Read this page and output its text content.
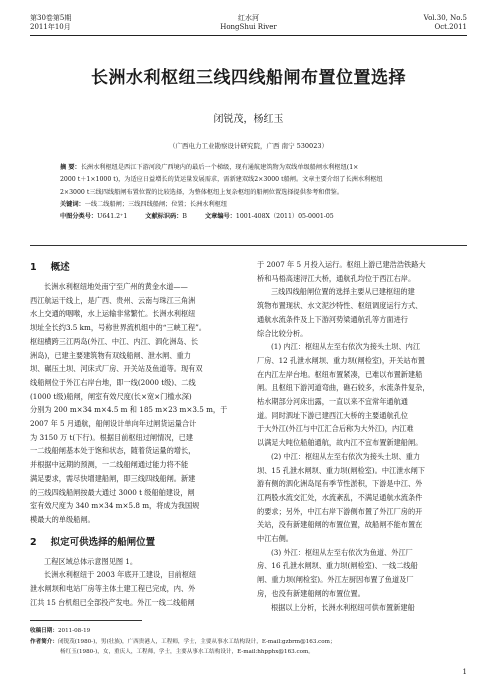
第30卷第5期
2011年10月
红水河
HongShui River
Vol.30, No.5
Oct.2011
长洲水利枢纽三线四线船闸布置位置选择
闭锐茂，杨红玉
（广西电力工业勘察设计研究院，广西 南宁 530023）
摘 要：长洲水利枢纽是西江下游河段广西境内的最后一个梯级，现有通航建筑物为双线单级船闸水利枢纽(1×
2000 t＋1×1000 t)，为适应日益增长的货运量发展需求，需新建双线2×3000 t船闸。文章主要介绍了长洲水利枢纽
2×3000 t三线四线船闸布置位置的比较选择，为整体枢纽上复杂枢纽的船闸位置选择提供参考和借鉴。
关键词：一线二线船闸；三线四线船闸；位置；长洲水利枢纽
中图分类号：U641.2⁺1	文献标识码：B	文章编号：1001-408X（2011）05-0001-05
1 概述
长洲水利枢纽地处南宁至广州的黄金水道——
西江航运干线上，是广西、贵州、云南与珠江三角洲
水上交通的咽喉，水上运输非常繁忙。长洲水利枢纽
坝址全长约3.5 km，号称世界流机组中的“三峡工程”。
枢纽横跨三江两岛(外江、中江、内江、泗化洲岛、长
洲岛)，已建主要建筑物有双线船闸、泄水闸、重力
坝、碾压土坝、河床式厂房、开关站及鱼道等。现有双
线船闸位于外江右岸台地，即一线(2000 t级)、二线
(1000 t级)船闸，闸室有效尺度(长×宽×门槛水深)
分别为 200 m×34 m×4.5 m 和 185 m×23 m×3.5 m，于
2007 年 5 月通航，船闸设计单向年过闸货运量合计
为 3150 万 t(下行)。根据目前枢纽过闸情况，已建
一二线船闸基本处于饱和状态，随着货运量的增长，
并根据中远期的预测，一二线船闸通过能力将不能
满足要求，需尽快增建船闸，即三线四线船闸。新建
的三线四线船闸按最大通过 3000 t 级船舶建设，闸
室有效尺度为 340 m×34 m×5.8 m，将成为我国规
模最大的单级船闸。
2 拟定可供选择的船闸位置
工程区域总体示意图见图 1。
长洲水利枢纽于 2003 年底开工建设，目前枢纽
泄水闸坝和电站厂房等主体土建工程已完成，内、外
江共 15 台机组已全部投产发电。外江一线二线船闸
于 2007 年 5 月投入运行。枢纽上游已建浩浩铁路大
桥和马梧高速浔江大桥，通航孔均位于西江右岸。
三线四线船闸位置的选择主要从已建枢纽的建
筑物布置现状、水文泥沙特性、枢纽调度运行方式、
通航水流条件及上下游河势梁通航孔等方面进行
综合比较分析。
(1) 内江：枢纽从左至右依次为接头土坝、内江
厂房、12 孔泄水闸坝、重力坝(闸检室)，开关站布置
在内江左岸台地。枢纽布置紧凑，已难以布置新建船
闸。且枢纽下游河道弯曲，礁石较多，水流条件复杂，
枯水期部分河床出露，一直以来不宜常年通航通
道。同时泗址下游已建西江大桥的主要通航孔位
于大外江(外江与中江汇合后称为大外江)，内江难
以满足大吨位船舶通航，故内江不宜布置新建船闸。
(2) 中江：枢纽从左至右依次为接头土坝、重力
坝、15 孔泄水闸坝、重力坝(闸检室)。中江泄水闸下
游有侧的泗化洲岛尾有季节性淤积，下游是中江、外
江两股水流交汇处，水流紊乱，不满足通航水流条件
的要求；另外，中江右岸下游侧布置了外江厂房的开
关站，没有新建船闸的布置位置，故船闸不能布置在
中江右侧。
(3) 外江：枢纽从左至右依次为鱼道、外江厂
房、16 孔泄水闸坝、重力坝(闸检室)、一线二线船
闸、重力坝(闸检室)。外江左厨因布置了鱼道及厂
房，也没有新建船闸的布置位置。
根据以上分析，长洲水利枢纽可供布置新建船
收稿日期：2011-08-19
作者简介：闭锐茂(1980-)，男(壮族)，广西贵港人，工程师，学士，主要从事水工结构设计，E-mail:gzbrm@163.com；
杨红玉(1980-)，女，重庆人，工程师，学士，主要从事水工结构设计，E-mail:hhpphx@163.com。
1
